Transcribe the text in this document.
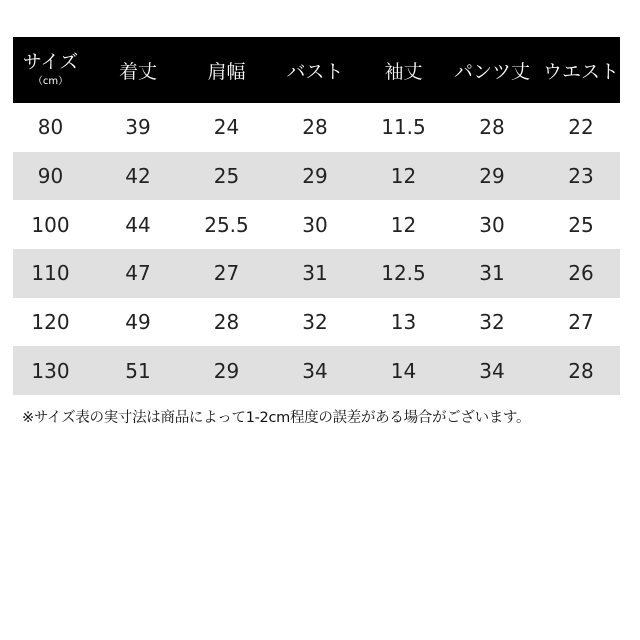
サイズ
（cm）	着丈	肩幅	バスト	袖丈	パンツ丈 ウエスト
80	39	24	28	11.5	28	22
90	42	25	29	12	29	23
100	44	25.5	30	12	30	25
110	47	27	31	12.5	31	26
120	49	28	32	13	32	27
130	51	29	34	14	34	28
※サイズ表の実寸法は商品によって1-2cm程度の誤差がある場合がございます。
